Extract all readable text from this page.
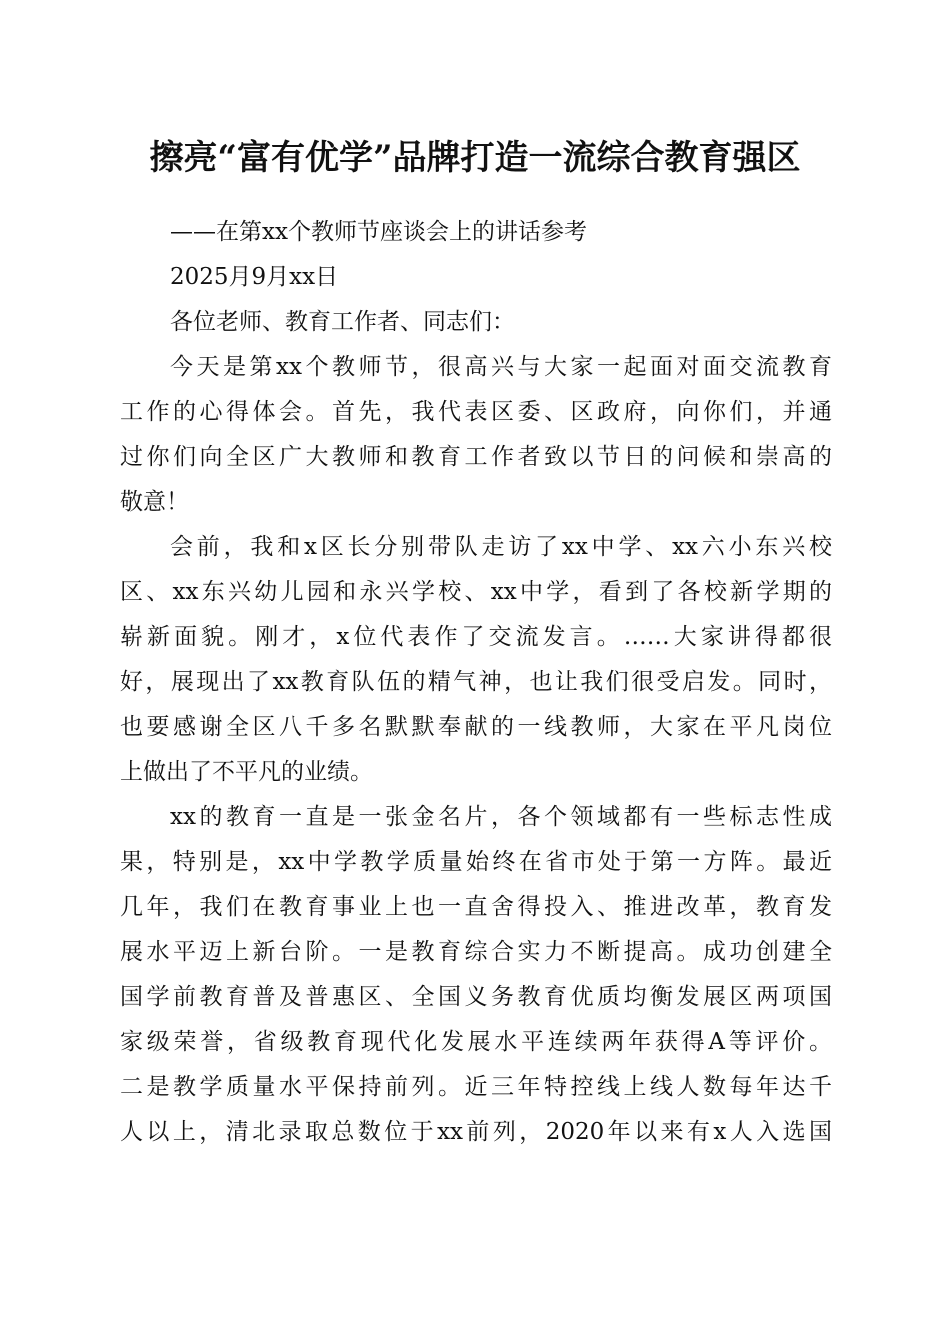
擦亮“富有优学”品牌打造一流综合教育强区
——在第xx个教师节座谈会上的讲话参考
2025月9月xx日
各位老师、教育工作者、同志们：
今天是第xx个教师节，很高兴与大家一起面对面交流教育
工作的心得体会。首先，我代表区委、区政府，向你们，并通
过你们向全区广大教师和教育工作者致以节日的问候和崇高的
敬意！
会前，我和x区长分别带队走访了xx中学、xx六小东兴校
区、xx东兴幼儿园和永兴学校、xx中学，看到了各校新学期的
崭新面貌。刚才，x位代表作了交流发言。……大家讲得都很
好，展现出了xx教育队伍的精气神，也让我们很受启发。同时，
也要感谢全区八千多名默默奉献的一线教师，大家在平凡岗位
上做出了不平凡的业绩。
xx的教育一直是一张金名片，各个领域都有一些标志性成
果，特别是，xx中学教学质量始终在省市处于第一方阵。最近
几年，我们在教育事业上也一直舍得投入、推进改革，教育发
展水平迈上新台阶。一是教育综合实力不断提高。成功创建全
国学前教育普及普惠区、全国义务教育优质均衡发展区两项国
家级荣誉，省级教育现代化发展水平连续两年获得A等评价。
二是教学质量水平保持前列。近三年特控线上线人数每年达千
人以上，清北录取总数位于xx前列，2020年以来有x人入选国
